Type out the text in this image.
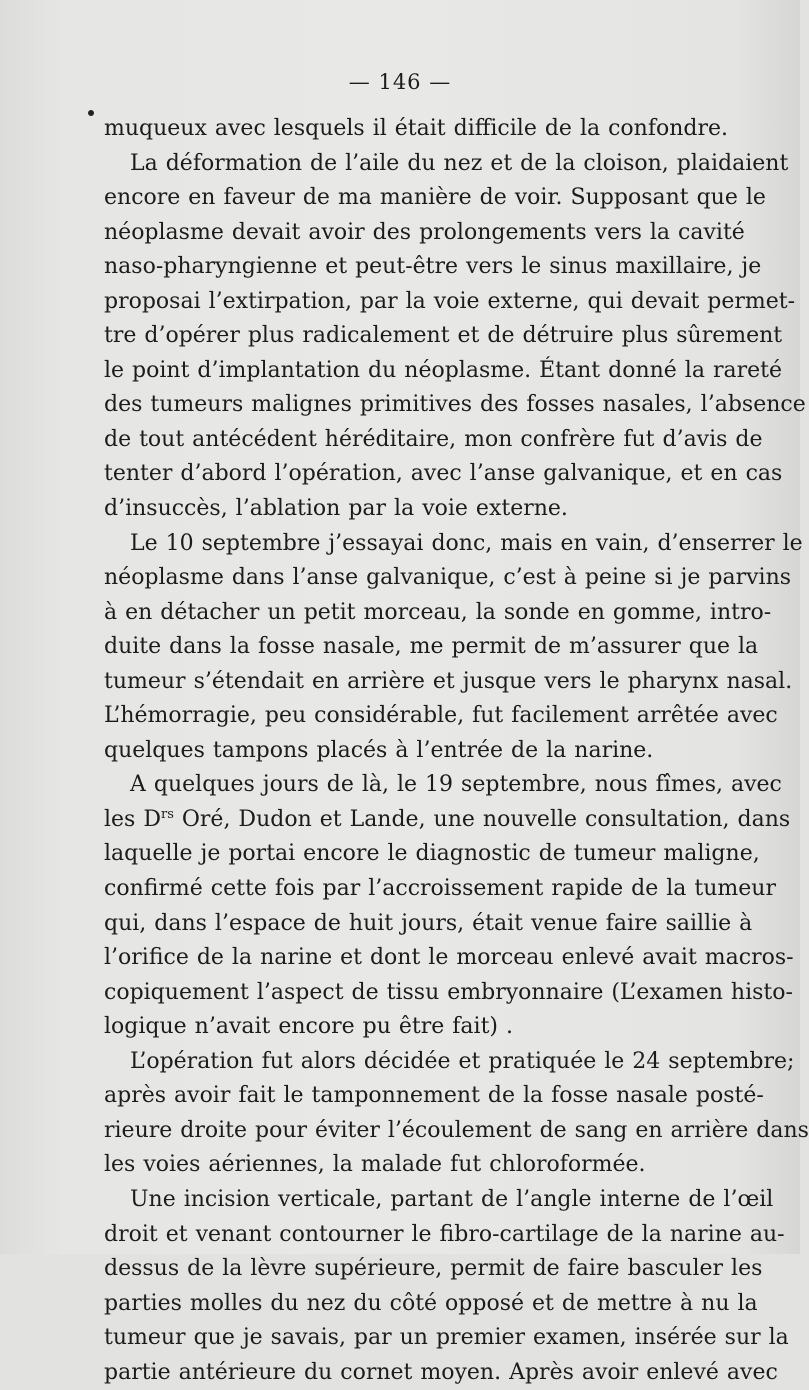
— 146 —
muqueux avec lesquels il était difficile de la confondre.
La déformation de l’aile du nez et de la cloison, plaidaient
encore en faveur de ma manière de voir. Supposant que le
néoplasme devait avoir des prolongements vers la cavité
naso-pharyngienne et peut-être vers le sinus maxillaire, je
proposai l’extirpation, par la voie externe, qui devait permet-
tre d’opérer plus radicalement et de détruire plus sûrement
le point d’implantation du néoplasme. Étant donné la rareté
des tumeurs malignes primitives des fosses nasales, l’absence
de tout antécédent héréditaire, mon confrère fut d’avis de
tenter d’abord l’opération, avec l’anse galvanique, et en cas
d’insuccès, l’ablation par la voie externe.
Le 10 septembre j’essayai donc, mais en vain, d’enserrer le
néoplasme dans l’anse galvanique, c’est à peine si je parvins
à en détacher un petit morceau, la sonde en gomme, intro-
duite dans la fosse nasale, me permit de m’assurer que la
tumeur s’étendait en arrière et jusque vers le pharynx nasal.
L’hémorragie, peu considérable, fut facilement arrêtée avec
quelques tampons placés à l’entrée de la narine.
A quelques jours de là, le 19 septembre, nous fîmes, avec
les $D^{rs}$ Oré, Dudon et Lande, une nouvelle consultation, dans
laquelle je portai encore le diagnostic de tumeur maligne,
confirmé cette fois par l’accroissement rapide de la tumeur
qui, dans l’espace de huit jours, était venue faire saillie à
l’orifice de la narine et dont le morceau enlevé avait macros-
copiquement l’aspect de tissu embryonnaire (L’examen histo-
logique n’avait encore pu être fait) .
L’opération fut alors décidée et pratiquée le 24 septembre;
après avoir fait le tamponnement de la fosse nasale posté-
rieure droite pour éviter l’écoulement de sang en arrière dans
les voies aériennes, la malade fut chloroformée.
Une incision verticale, partant de l’angle interne de l’œil
droit et venant contourner le fibro-cartilage de la narine au-
dessus de la lèvre supérieure, permit de faire basculer les
parties molles du nez du côté opposé et de mettre à nu la
tumeur que je savais, par un premier examen, insérée sur la
partie antérieure du cornet moyen. Après avoir enlevé avec
